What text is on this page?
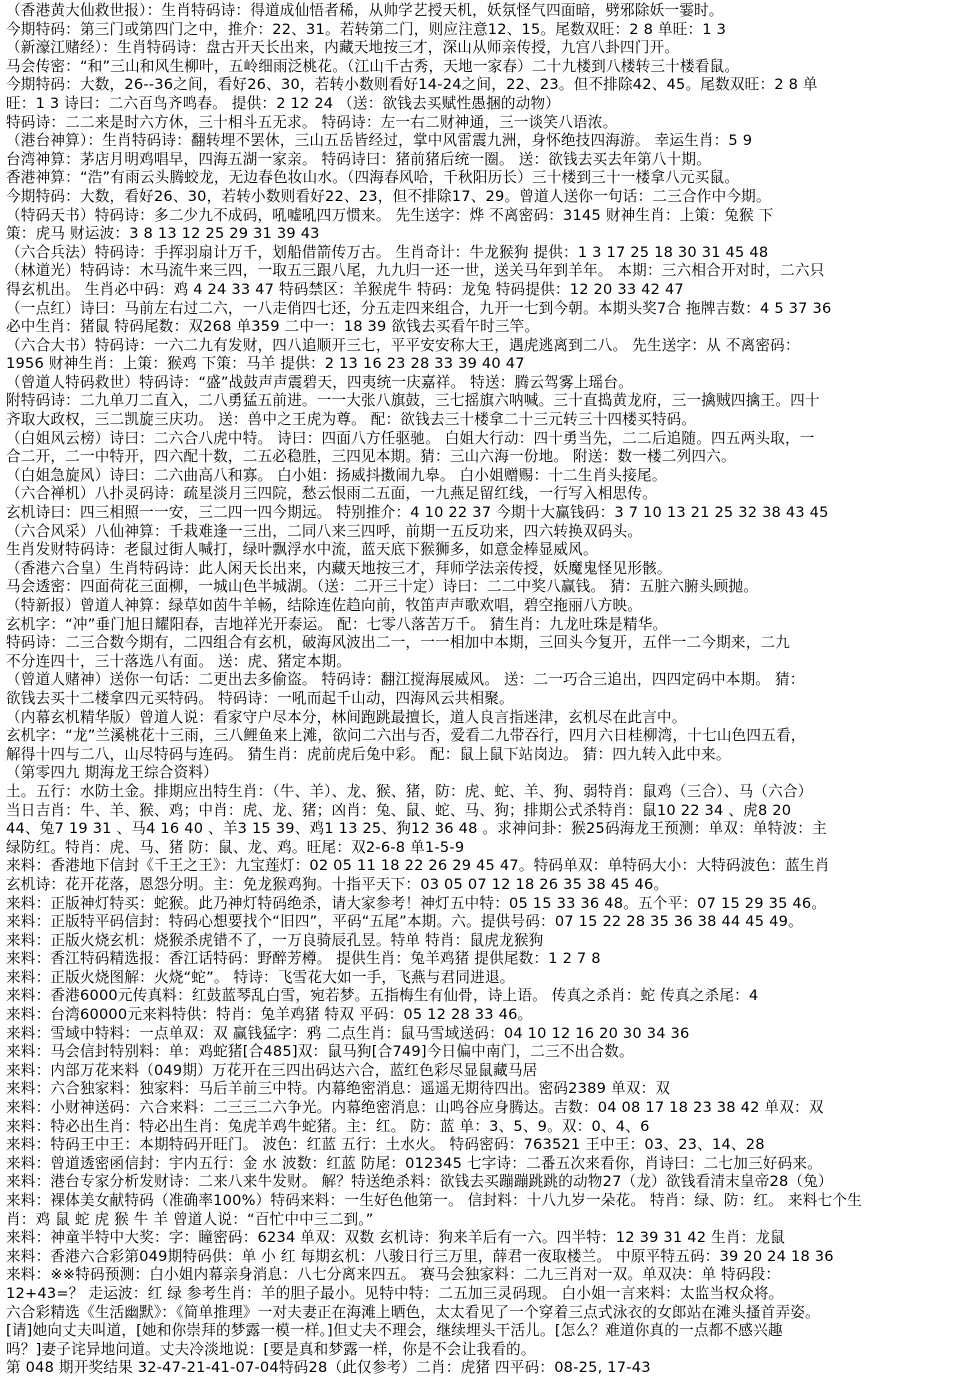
（香港黄大仙救世报）：生肖特码诗：得道成仙悟者稀，从帅学艺授天机，妖氛怪气四面暗，劈邪除妖一霎时。
今期特码：第三门或第四门之中，推介：22、31。若转第二门，则应注意12、15。尾数双旺：2 8 单旺：1 3
（新濠江赌经）：生肖特码诗：盘古开天长出来，内藏天地按三才，深山从师亲传授，九宫八卦四门开。
马会传密：“和”三山和风生柳叶，五岭细雨泛桃花。（江山千古秀，天地一家春）二十九楼到八楼转三十楼看鼠。
今期特码：大数，26--36之间，看好26、30，若转小数则看好14-24之间，22、23。但不排除42、45。尾数双旺：2 8 单
旺：1 3 诗曰：二六百鸟齐鸣春。 提供：2 12 24 （送：欲钱去买赋性愚捆的动物）
特码诗：二二来是时六方休，三十相斗五无求。 特码诗：左一右二财神通，三一谈笑八语浓。
（港台神算）：生肖特码诗：翻转埋不罢休，三山五岳皆经过，掌中风雷震九洲，身怀绝技四海游。 幸运生肖：5 9
台湾神算：茅店月明鸡唱早，四海五湖一家亲。 特码诗曰：猪前猪后统一圈。 送：欲钱去买去年第八十期。
香港神算：“浩”有雨云头腾蛟龙，无边春色妆山水。（四海春风哈，千秋阳历长）三十楼到三十一楼拿八元买鼠。
今期特码：大数，看好26、30，若转小数则看好22、23，但不排除17、29。曾道人送你一句话：二三合作中今期。
（特码天书）特码诗：多二少九不成码，吼嘘吼四万惯来。 先生送字：烨 不离密码：3145 财神生肖：上策：兔猴 下
策：虎马 财运波：3 8 13 12 25 29 31 39 43
（六合兵法）特码诗：手挥羽扇计万千，划船借箭传万古。 生肖奇计：牛龙猴狗 提供：1 3 17 25 18 30 31 45 48
（林道光）特码诗：木马流牛来三四，一取五三跟八尾，九九归一还一世，送关马年到羊年。 本期：三六相合开对时，二六只
得玄机出。 生肖必中码：鸡 4 24 33 47 特码禁区：羊猴虎牛 特码：龙兔 特码提供：12 20 33 42 47
（一点红）诗曰：马前左右过二六，一八走俏四七还，分五走四来组合，九开一七到今朝。本期头奖7合 拖牌吉数：4 5 37 36
必中生肖：猪鼠 特码尾数：双268 单359 二中一：18 39 欲钱去买看午时三竿。
（六合大书）特码诗：一六二九有发财，四八追顺开三七，平平安安称大王，遇虎逃离到二八。 先生送字：从 不离密码：
1956 财神生肖：上策：猴鸡 下策：马羊 提供：2 13 16 23 28 33 39 40 47
（曾道人特码救世）特码诗：“盛”战鼓声声震碧天，四夷统一庆嘉祥。 特送：腾云驾雾上瑶台。
附特码诗：二九单刀二直入，二八勇猛五前进。一一大张八旗鼓，三七摇旗六呐喊。三十直捣黄龙府，三一擒贼四擒王。四十
齐取大政权，三二凯旋三庆功。 送：兽中之王虎为尊。 配：欲钱去三十楼拿二十三元转三十四楼买特码。
（白姐风云榜）诗曰：二六合八虎中特。 诗曰：四面八方任驱驰。 白姐大行动：四十勇当先，二二后追随。四五两头取，一
合二开，二一中特开，四六配十数，二五必稳胜，三四见本期。猜：三山六海一份地。 附送：数一楼二列四六。
（白姐急旋风）诗曰：二六曲高八和寡。 白小姐：扬威抖擞闹九皋。 白小姐赠赐：十二生肖头接尾。
（六合禅机）八扑灵码诗：疏星淡月三四院，愁云恨雨二五面，一九燕足留红线，一行写入相思传。
玄机诗曰：四三相照一一安，三二四一四今期远。 特别推介：4 10 22 37 今期十大赢钱码：3 7 10 13 21 25 32 38 43 45
（六合风采）八仙神算：千栽难逢一三出，二同八来三四呼，前期一五反功来，四六转换双码头。
生肖发财特码诗：老鼠过街人喊打，绿叶飘浮水中流，蓝天底下猴狮多，如意金棒显威风。
（香港六合皇）生肖特码诗：此人闲天长出来，内藏天地按三才，拜师学法亲传授，妖魔鬼怪见形骸。
马会透密：四面荷花三面柳，一城山色半城湖。（送：二开三十定）诗曰：二二中奖八赢钱。 猜：五脏六腑头顾抛。
（特新报）曾道人神算：绿草如茵牛羊畅，结除连佐趋向前，牧笛声声歌欢唱，碧空拖丽八方映。
玄机字：“冲”垂门旭日耀阳春，吉地祥光开泰运。 配：七零八落苦万千。 猜生肖：九龙吐珠是精华。
特码诗：二三合数今期有，二四组合有玄机，破海风波出二一，一一相加中本期，三回头今复开，五伴一二今期来，二九
不分连四十，三十落选八有面。 送：虎、猪定本期。
（曾道人赌神）送你一句话：二更出去多偷盗。 特码诗：翻江搅海展威风。 送：二一巧合三追出，四四定码中本期。 猜：
欲钱去买十二楼拿四元买特码。 特码诗：一吼而起千山动，四海风云共相聚。
（内幕玄机精华版）曾道人说：看家守户尽本分，林间跑跳最擅长，道人良言指迷津，玄机尽在此言中。
玄机字：“龙”兰溪桃花十三雨，三八鲤鱼来上滩，欲问二六出与否，爱看二九带吞行，四月六日桂柳湾，十七山色四五看，
解得十四与二八，山尽特码与连码。 猜生肖：虎前虎后兔中彩。 配：鼠上鼠下站岗边。 猜：四九转入此中来。
（第零四九 期海龙王综合资料）
土。五行：水防土金。排期应出特生肖：（牛、羊）、龙、猴、猪，防：虎、蛇、羊、狗、弱特肖：鼠鸡（三合）、马（六合）
当日吉肖：牛、羊、猴、鸡；中肖：虎、龙、猪；凶肖：兔、鼠、蛇、马、狗；排期公式杀特肖：鼠10 22 34 、虎8 20
44、兔7 19 31 、马4 16 40 、羊3 15 39、鸡1 13 25、狗12 36 48 。求神问卦：猴25码海龙王预测：单双：单特波：主
绿防红。特肖：虎、马、猪 防：鼠、龙、鸡。旺尾：双2-6-8 单1-5-9
来料：香港地下信封《千王之王》：九宝莲灯：02 05 11 18 22 26 29 45 47。特码单双：单特码大小：大特码波色：蓝生肖
玄机诗：花开花落，恩怨分明。主：免龙猴鸡狗。十指平天下：03 05 07 12 18 26 35 38 45 46。
来料：正版神灯特买：蛇猴。此乃神灯特码绝杀，请大家参考！神灯五中特：05 15 33 36 48。五个平：07 15 29 35 46。
来料：正版特平码信封：特码心想要找个“旧四”，平码“五尾”本期。六。提供号码：07 15 22 28 35 36 38 44 45 49。
来料：正版火烧玄机：烧猴杀虎错不了，一万良骑辰孔昱。特单 特肖：鼠虎龙猴狗
来料：香江特码精选报：香江话特码：野醉芳樽。 提供生肖：兔羊鸡猪 提供尾数：1 2 7 8
来料：正版火烧图解：火烧“蛇”。 特诗：飞雪花大如一手，飞燕与君同进退。
来料：香港6000元传真料：红鼓蓝琴乱白雪，宛若梦。五指梅生有仙骨，诗上语。 传真之杀肖：蛇 传真之杀尾：4
来料：台湾60000元来料特供：特肖：兔羊鸡猪 特双 平码：05 12 28 33 46。
来料：雪域中特料：一点单双：双 赢钱猛字：鸦 二点生肖：鼠马雪域送码：04 10 12 16 20 30 34 36
来料：马会信封特别料：单：鸡蛇猪[合485]双：鼠马狗[合749]今日偏中南门，二三不出合数。
来料：内部万花来料（049期）万花开在三四出码达六合，蓝红色彩尽显鼠藏马居
来料：六合独家料：独家料：马后羊前三中特。内幕绝密消息：遥遥无期待四出。密码2389 单双：双
来料：小财神送码：六合来料：二三三二六争光。内幕绝密消息：山鸣谷应身腾达。吉数：04 08 17 18 23 38 42 单双：双
来料：特必出生肖：特必出生肖：兔虎羊鸡牛蛇猪。主：红。 防：蓝 单：3、5、9。双：0、4、6
来料：特码王中王：本期特码开旺门。 波色：红蓝 五行：土水火。 特码密码：763521 王中王：03、23、14、28
来料：曾道透密函信封：宇内五行：金 水 波数：红蓝 防尾：012345 七字诗：二番五次来看你，肖诗曰：二七加三好码来。
来料：港台专家分析发财诗：二来八来牛发财。 解？特送绝杀料：欲钱去买蹦蹦跳跳的动物27（龙）欲钱看清末皇帝28（兔）
来料：裸体美女献特码（准确率100%）特码来料：一生好色他第一。 信封料：十八九岁一朵花。 特肖：绿、防：红。 来料七个生
肖：鸡 鼠 蛇 虎 猴 牛 羊 曾道人说：“百忙中中三二到。”
来料：神童半特中大奖：字：瞳密码：6234 单双：双数 玄机诗：狗来羊后有一六。四半特：12 39 31 42 生肖：龙鼠
来料：香港六合彩第049期特码供：单 小 红 每期玄机：八骏日行三万里，薛君一夜取楼兰。 中原平特五码：39 20 24 18 36
来料：※※特码预测：白小姐内幕亲身消息：八七分离来四五。 赛马会独家料：二九三肖对一双。单双决：单 特码段：
12+43=？ 走运波：红 绿 参考生肖：羊的胆子最小。见特中特：二五加三灵码现。 白小姐一言来料：太监当权众将。
六合彩精选《生活幽默》：《简单推理》一对夫妻正在海滩上晒色，太太看见了一个穿着三点式泳衣的女郎站在滩头搔首弄姿。
[请]她向丈夫叫道，[她和你崇拜的梦露一模一样。]但丈夫不理会，继续埋头干活儿。[怎么？难道你真的一点都不感兴趣
吗？]妻子诧异地问道。丈夫冷淡地说：[要是真和梦露一样，你是不会让我看的。
第 048 期开奖结果 32-47-21-41-07-04特码28（此仅参考）二肖：虎猪 四平码：08-25, 17-43
